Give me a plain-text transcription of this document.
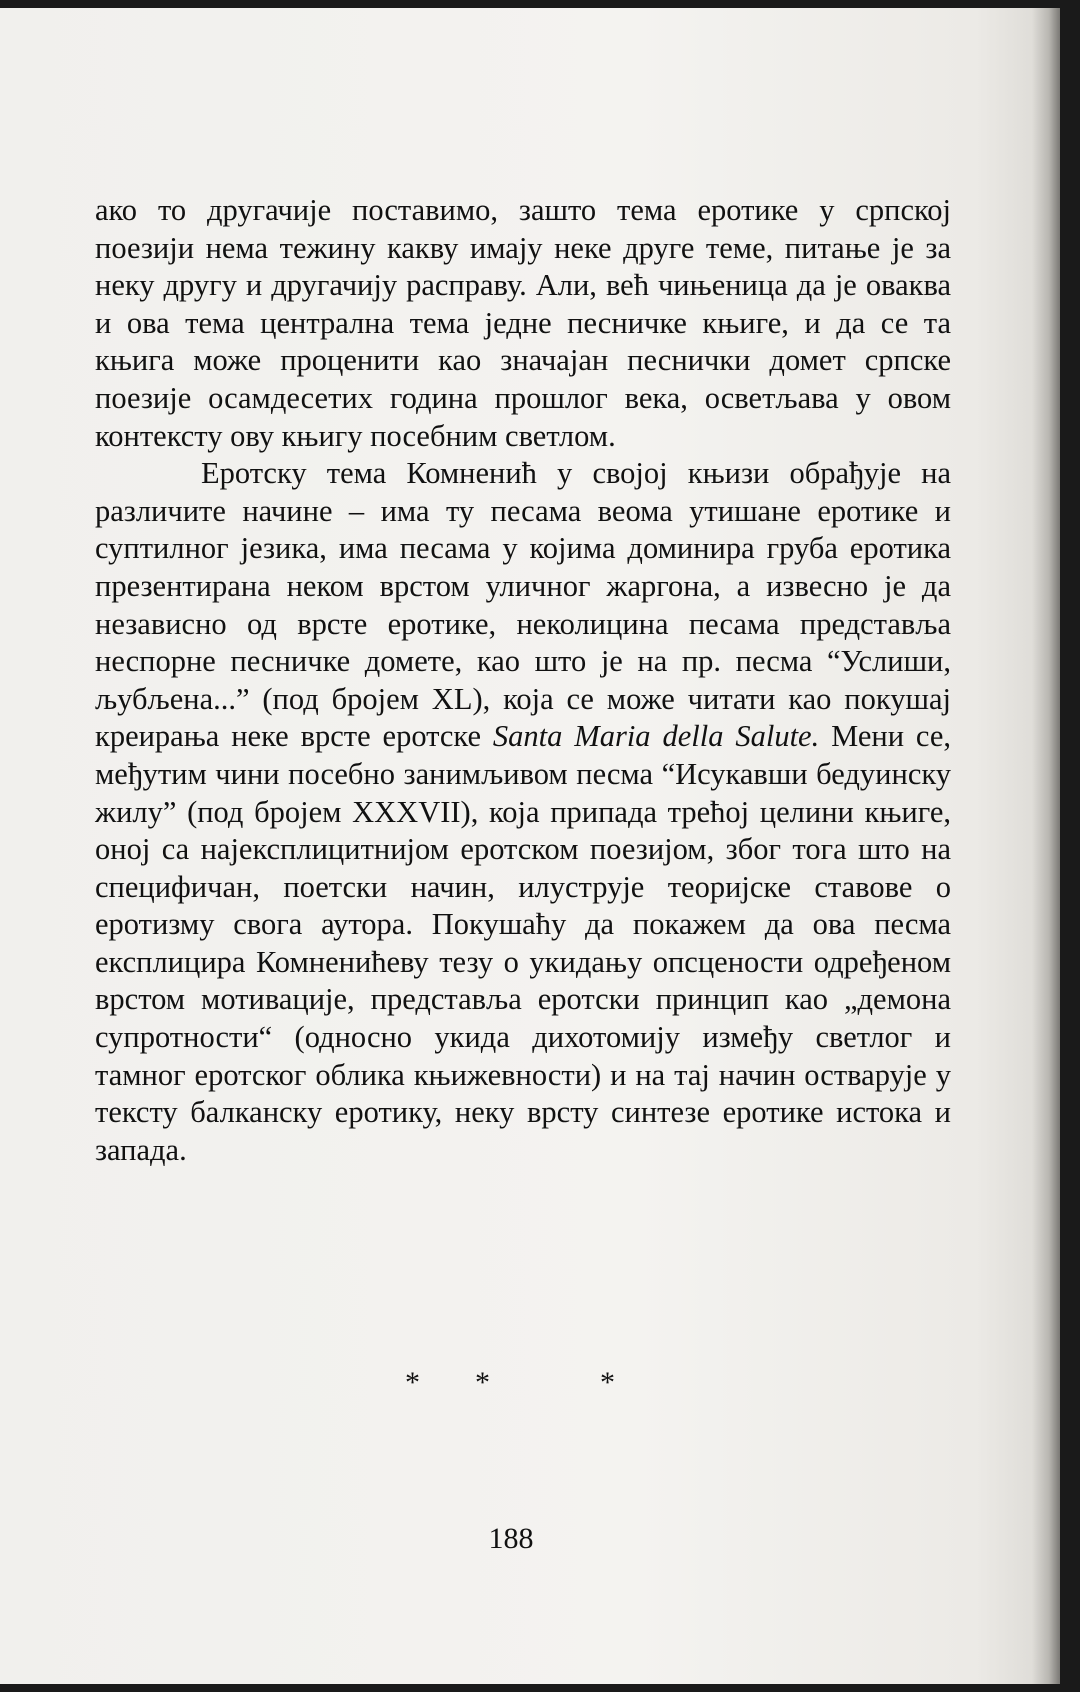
ако то другачије поставимо, зашто тема еротике у српској поезији нема тежину какву имају неке друге теме, питање је за неку другу и другачију расправу. Али, већ чињеница да је оваква и ова тема централна тема једне песничке књиге, и да се та књига може проценити као значајан песнички домет српске поезије осамдесетих година прошлог века, осветљава у овом контексту ову књигу посебним светлом.

Еротску тема Комненић у својој књизи обрађује на различите начине – има ту песама веома утишане еротике и суптилног језика, има песама у којима доминира груба еротика презентирана неком врстом уличног жаргона, а извесно је да независно од врсте еротике, неколицина песама представља неспорне песничке домете, као што је на пр. песма “Услиши, љубљена...” (под бројем XL), која се може читати као покушај креирања неке врсте еротске Santa Maria della Salute. Мени се, међутим чини посебно занимљивом песма “Исукавши бедуинску жилу” (под бројем XXXVII), која припада трећој целини књиге, оној са најексплицитнијом еротском поезијом, због тога што на специфичан, поетски начин, илуструје теоријске ставове о еротизму свога аутора. Покушаћу да покажем да ова песма експлицира Комненићеву тезу о укидању опсцености одређеном врстом мотивације, представља еротски принцип као „демона супротности“ (односно укида дихотомију између светлог и тамног еротског облика књижевности) и на тај начин остварује у тексту балканску еротику, неку врсту синтезе еротике истока и запада.

* *	*
188
